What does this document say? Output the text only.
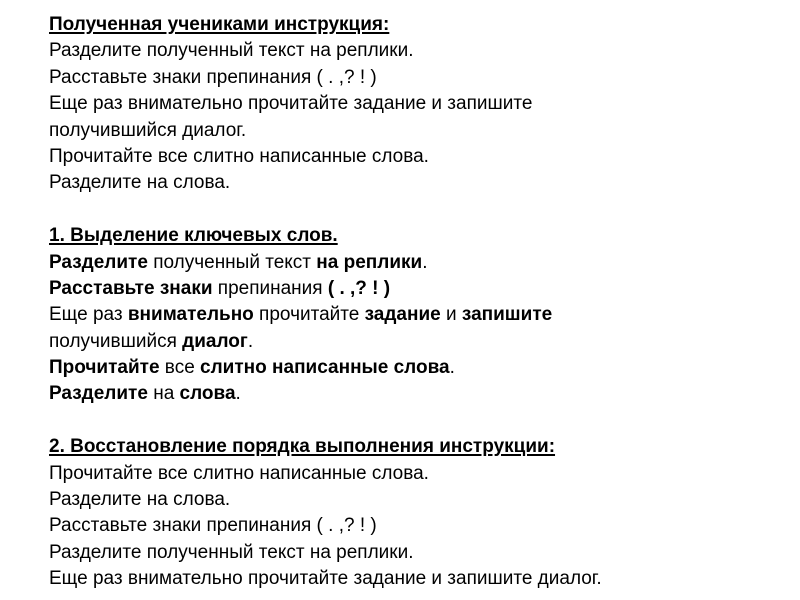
Полученная учениками инструкция:
Разделите полученный текст на реплики.
Расставьте знаки препинания ( . ,? ! )
Еще раз внимательно прочитайте задание и запишите
получившийся диалог.
Прочитайте все слитно написанные слова.
Разделите на слова.
1. Выделение ключевых слов.
Разделите полученный текст на реплики.
Расставьте знаки препинания ( . ,? ! )
Еще раз внимательно прочитайте задание и запишите
получившийся диалог.
Прочитайте все слитно написанные слова.
Разделите на слова.
2. Восстановление порядка выполнения инструкции:
Прочитайте все слитно написанные слова.
Разделите на слова.
Расставьте знаки препинания ( . ,? ! )
Разделите полученный текст на реплики.
Еще раз внимательно прочитайте задание и запишите диалог.
